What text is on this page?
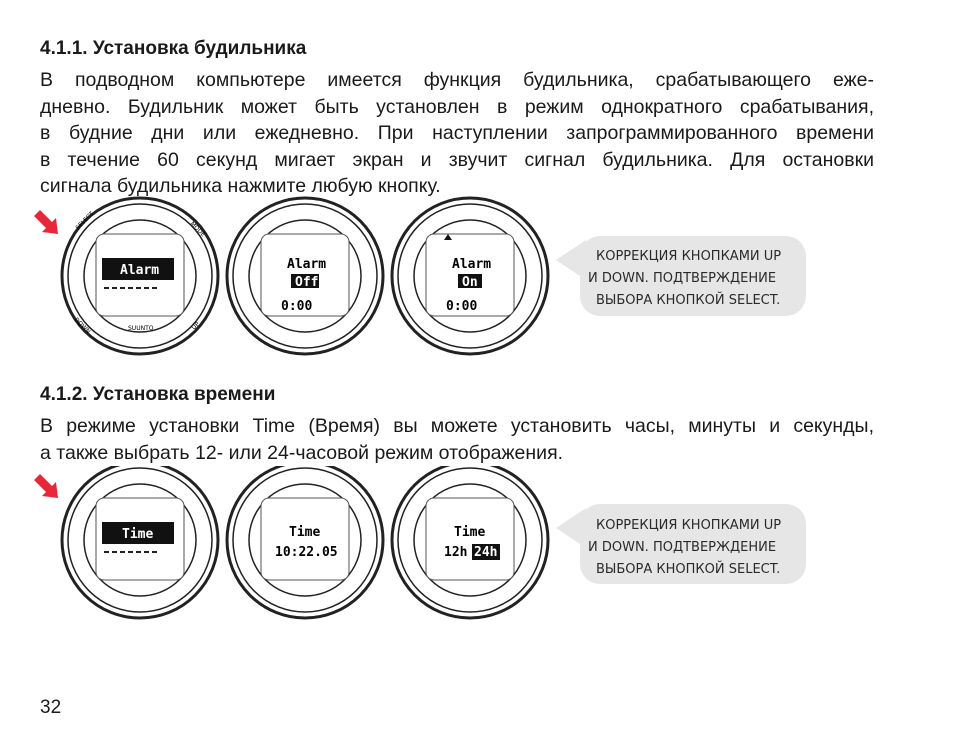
4.1.1. Установка будильника
В подводном компьютере имеется функция будильника, срабатывающего еже-
дневно. Будильник может быть установлен в режим однократного срабатывания,
в будние дни или ежедневно. При наступлении запрограммированного времени
в течение 60 секунд мигает экран и звучит сигнал будильника. Для остановки
сигнала будильника нажмите любую кнопку.
SELECT	MODE
DOWN	UP
SUUNTO
Alarm	Alarm
Off
0:00
Alarm
On
0:00
КОРРЕКЦИЯ КНОПКАМИ UP
И DOWN. ПОДТВЕРЖДЕНИЕ
ВЫБОРА КНОПКОЙ SELECT.
4.1.2. Установка времени
В режиме установки Time (Время) вы можете установить часы, минуты и секунды,
а также выбрать 12- или 24-часовой режим отображения.
Time	Time
10:22.05
Time
12h 24h
КОРРЕКЦИЯ КНОПКАМИ UP
И DOWN. ПОДТВЕРЖДЕНИЕ
ВЫБОРА КНОПКОЙ SELECT.

32
